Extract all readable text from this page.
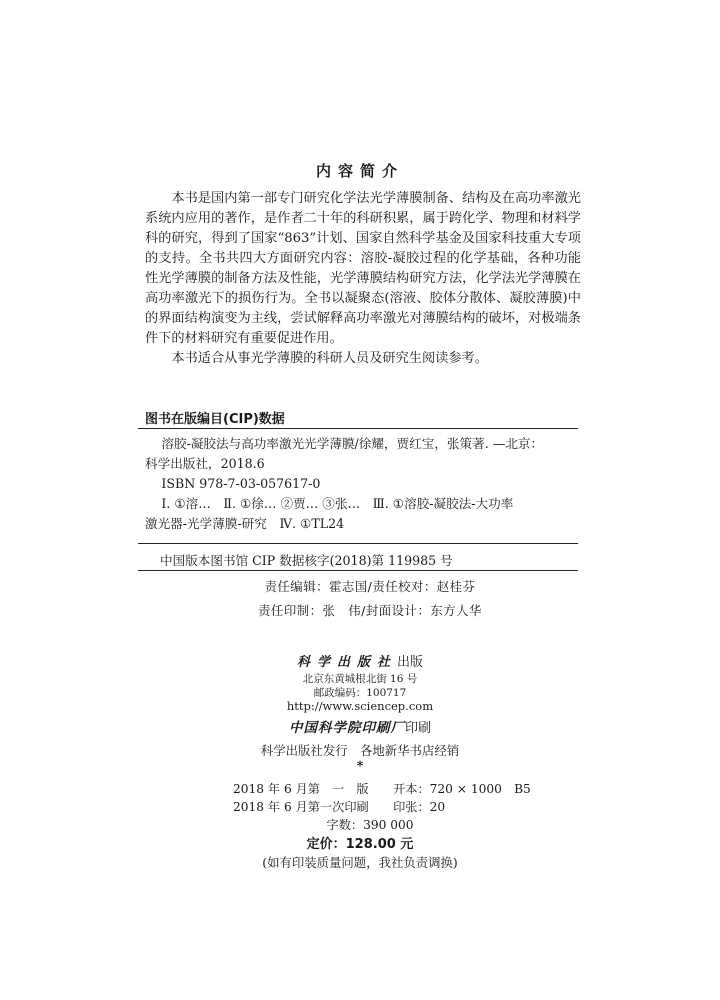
内容简介

本书是国内第一部专门研究化学法光学薄膜制备、结构及在高功率激光系统内应用的著作，是作者二十年的科研积累，属于跨化学、物理和材料学科的研究，得到了国家“863”计划、国家自然科学基金及国家科技重大专项的支持。全书共四大方面研究内容：溶胶-凝胶过程的化学基础，各种功能性光学薄膜的制备方法及性能，光学薄膜结构研究方法，化学法光学薄膜在高功率激光下的损伤行为。全书以凝聚态(溶液、胶体分散体、凝胶薄膜)中的界面结构演变为主线，尝试解释高功率激光对薄膜结构的破坏，对极端条件下的材料研究有重要促进作用。

本书适合从事光学薄膜的科研人员及研究生阅读参考。

图书在版编目(CIP)数据
溶胶-凝胶法与高功率激光光学薄膜/徐耀，贾红宝，张策著. —北京：
科学出版社，2018.6
ISBN 978-7-03-057617-0
Ⅰ. ①溶…　Ⅱ. ①徐… ②贾… ③张…　Ⅲ. ①溶胶-凝胶法-大功率
激光器-光学薄膜-研究　Ⅳ. ①TL24
中国版本图书馆 CIP 数据核字(2018)第 119985 号
责任编辑：霍志国/责任校对：赵桂芬
责任印制：张　伟/封面设计：东方人华
科学出版社出版
北京东黄城根北街 16 号
邮政编码：100717
http://www.sciencep.com
中国科学院印刷厂印刷
科学出版社发行　各地新华书店经销
*
2018 年 6 月第　一　版　　开本：720 × 1000　B5
2018 年 6 月第一次印刷　　印张：20
字数：390 000
定价：128.00 元
(如有印装质量问题，我社负责调换)
